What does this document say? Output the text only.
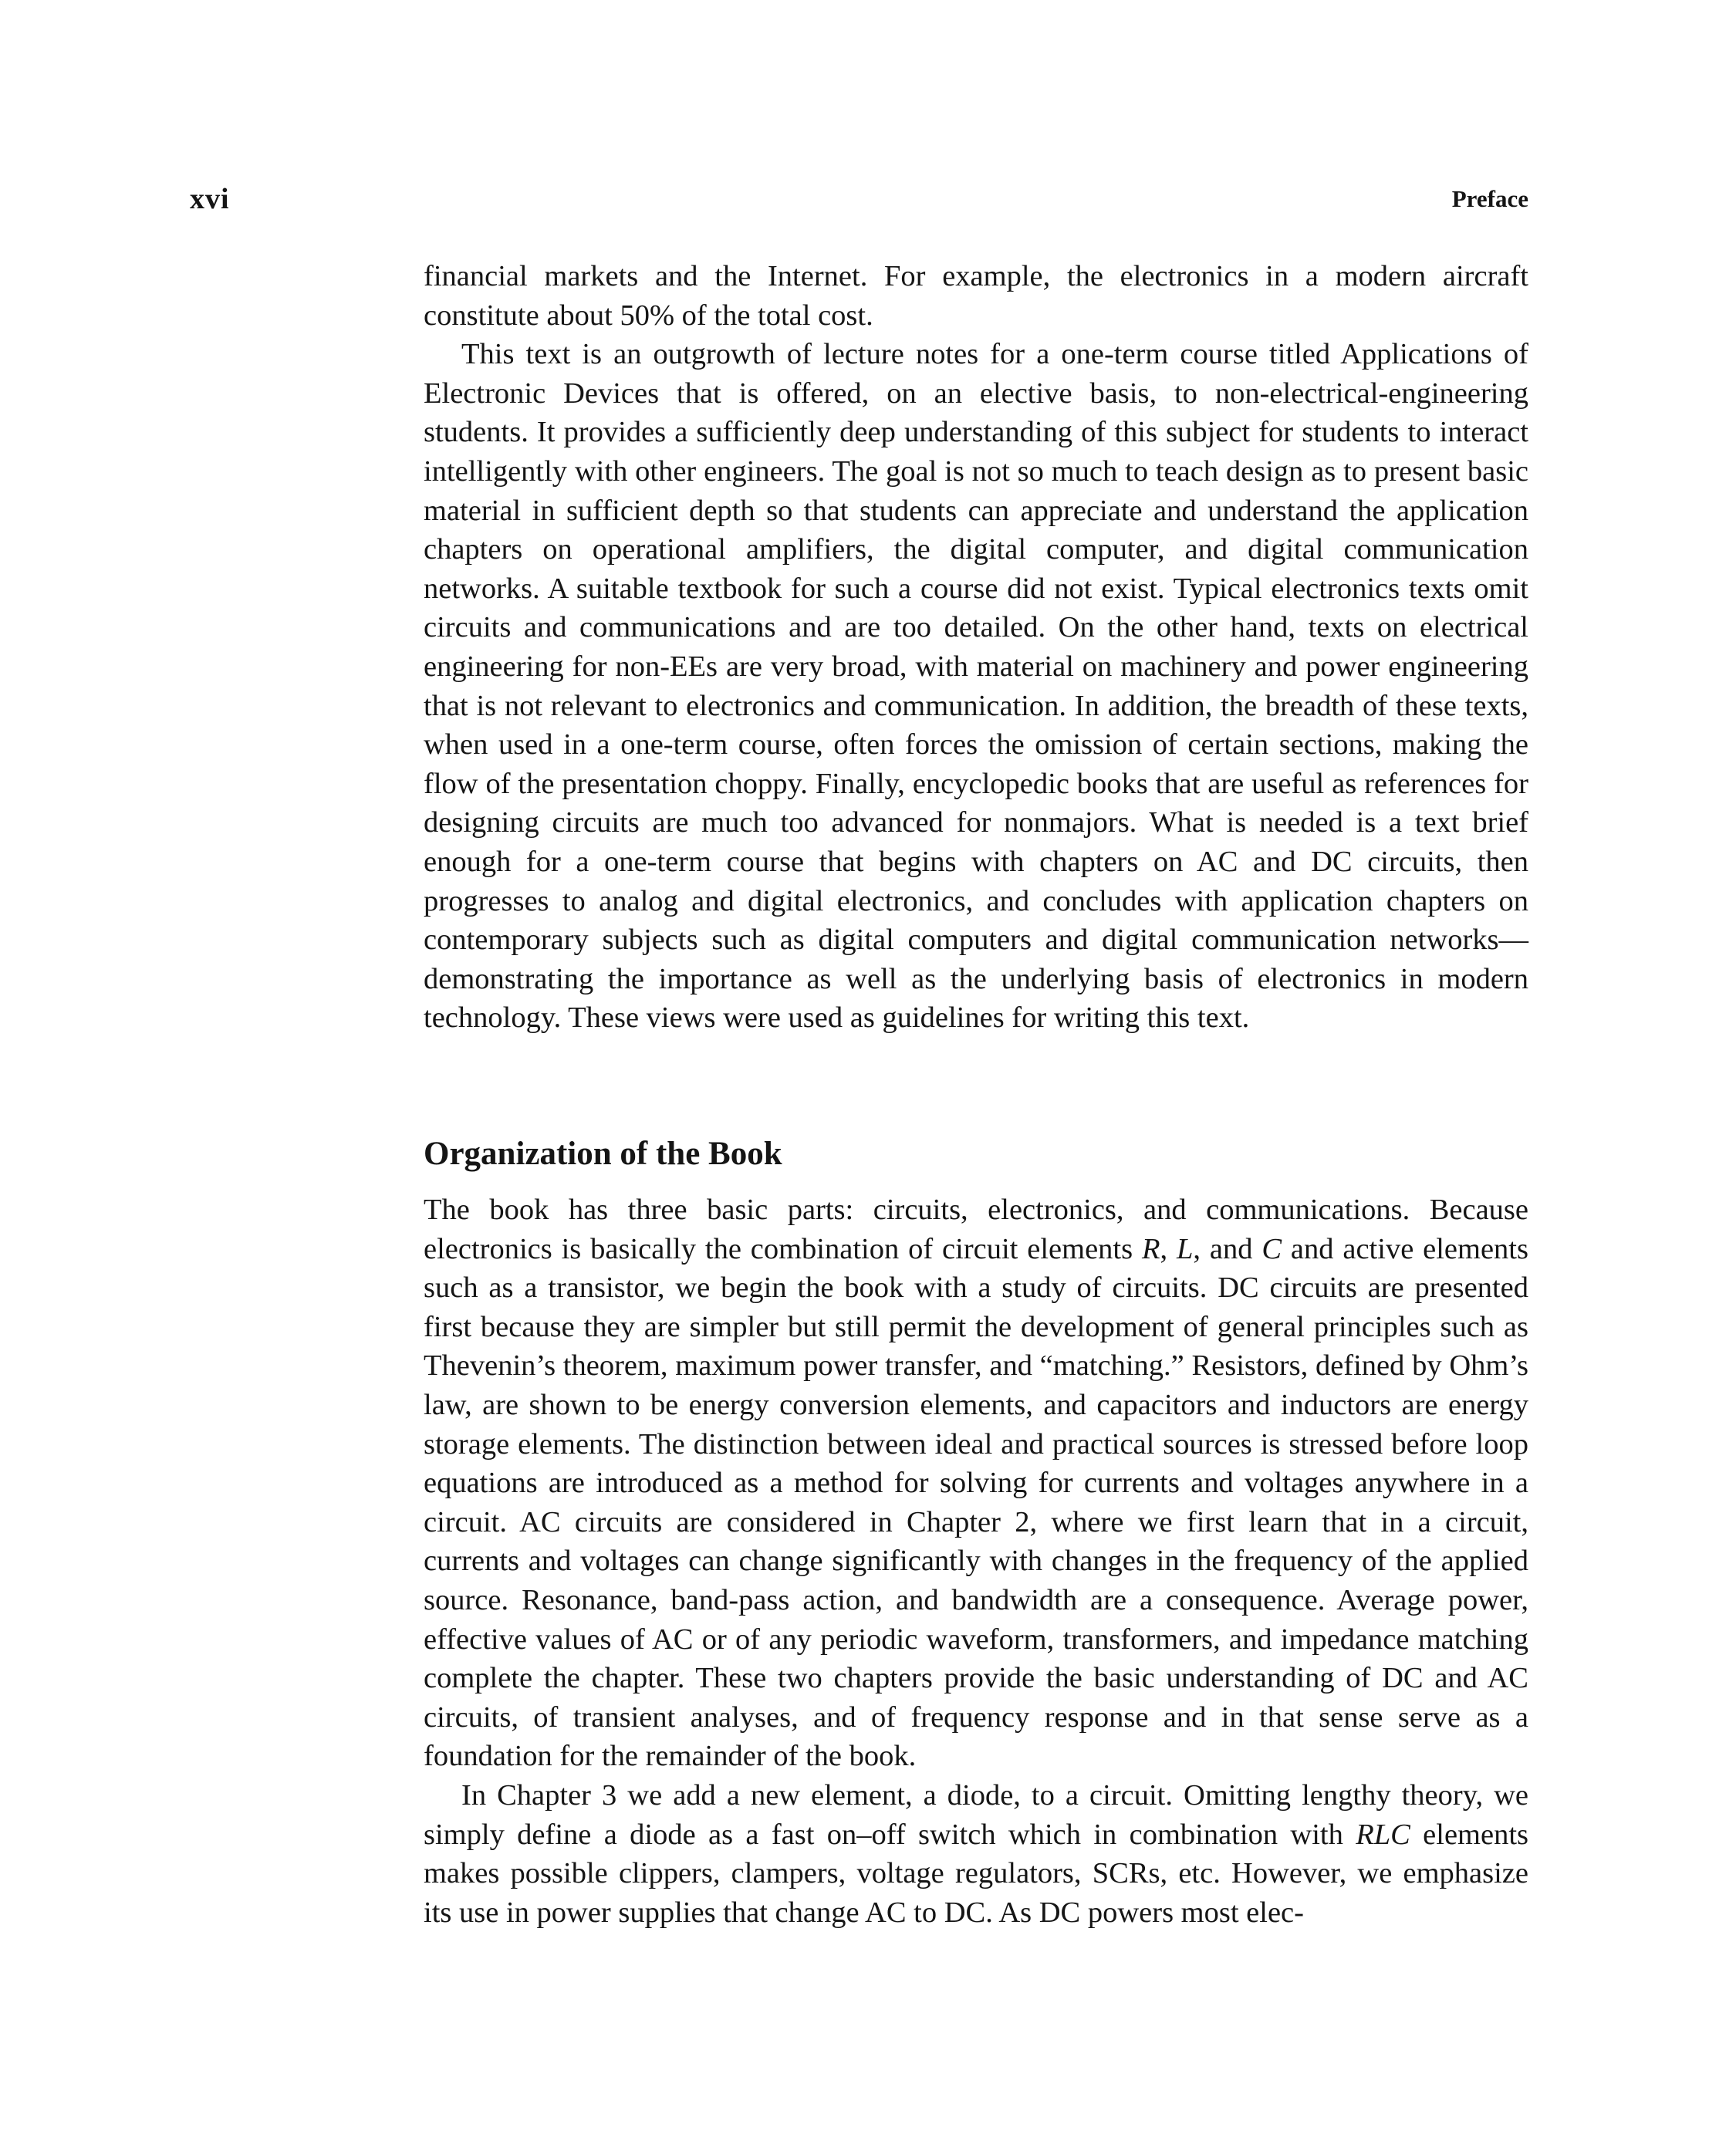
xvi	Preface

financial markets and the Internet. For example, the electronics in a modern aircraft constitute about 50% of the total cost.

This text is an outgrowth of lecture notes for a one-term course titled Applications of Electronic Devices that is offered, on an elective basis, to non-electrical-engineering students. It provides a sufficiently deep understanding of this subject for students to interact intelligently with other engineers. The goal is not so much to teach design as to present basic material in sufficient depth so that students can appreciate and understand the application chapters on operational amplifiers, the digital computer, and digital communication networks. A suitable textbook for such a course did not exist. Typical electronics texts omit circuits and communications and are too detailed. On the other hand, texts on electrical engineering for non-EEs are very broad, with material on machinery and power engineering that is not relevant to electronics and communication. In addition, the breadth of these texts, when used in a one-term course, often forces the omission of certain sections, making the flow of the presentation choppy. Finally, encyclopedic books that are useful as references for designing circuits are much too advanced for nonmajors. What is needed is a text brief enough for a one-term course that begins with chapters on AC and DC circuits, then progresses to analog and digital electronics, and concludes with application chapters on contemporary subjects such as digital computers and digital communication networks—demonstrating the importance as well as the underlying basis of electronics in modern technology. These views were used as guidelines for writing this text.

Organization of the Book

The book has three basic parts: circuits, electronics, and communications. Because electronics is basically the combination of circuit elements R, L, and C and active elements such as a transistor, we begin the book with a study of circuits. DC circuits are presented first because they are simpler but still permit the development of general principles such as Thevenin’s theorem, maximum power transfer, and “matching.” Resistors, defined by Ohm’s law, are shown to be energy conversion elements, and capacitors and inductors are energy storage elements. The distinction between ideal and practical sources is stressed before loop equations are introduced as a method for solving for currents and voltages anywhere in a circuit. AC circuits are considered in Chapter 2, where we first learn that in a circuit, currents and voltages can change significantly with changes in the frequency of the applied source. Resonance, band-pass action, and bandwidth are a consequence. Average power, effective values of AC or of any periodic waveform, transformers, and impedance matching complete the chapter. These two chapters provide the basic understanding of DC and AC circuits, of transient analyses, and of frequency response and in that sense serve as a foundation for the remainder of the book.

In Chapter 3 we add a new element, a diode, to a circuit. Omitting lengthy theory, we simply define a diode as a fast on–off switch which in combination with RLC elements makes possible clippers, clampers, voltage regulators, SCRs, etc. However, we emphasize its use in power supplies that change AC to DC. As DC powers most elec-
